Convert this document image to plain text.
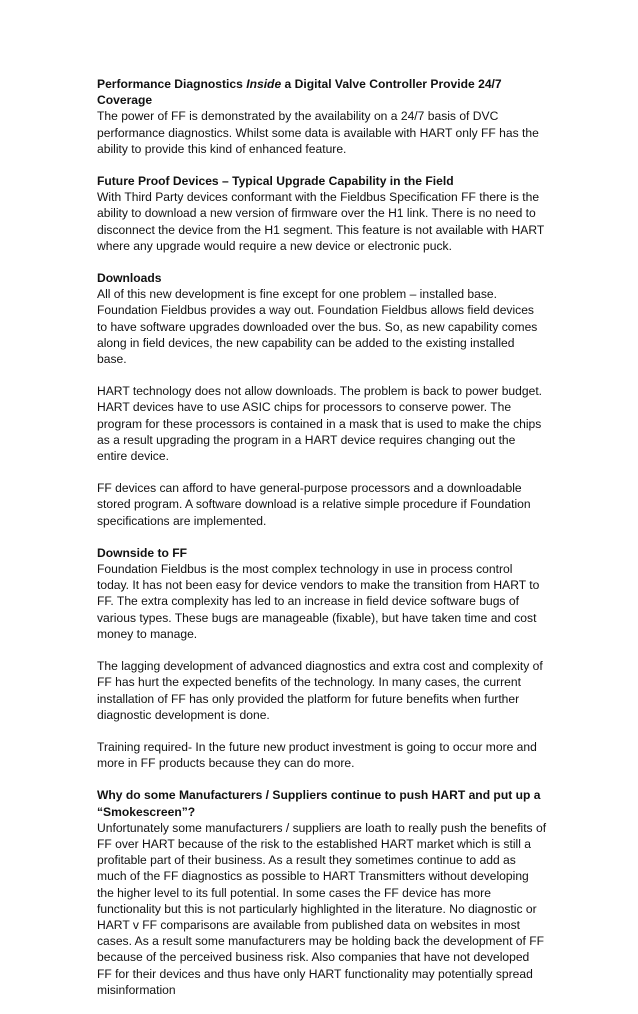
Performance Diagnostics Inside a Digital Valve Controller Provide 24/7 Coverage

The power of FF is demonstrated by the availability on a 24/7 basis of DVC performance diagnostics. Whilst some data is available with HART only FF has the ability to provide this kind of enhanced feature.

Future Proof Devices – Typical Upgrade Capability in the Field

With Third Party devices conformant with the Fieldbus Specification FF there is the ability to download a new version of firmware over the H1 link. There is no need to disconnect the device from the H1 segment. This feature is not available with HART where any upgrade would require a new device or electronic puck.

Downloads

All of this new development is fine except for one problem – installed base. Foundation Fieldbus provides a way out. Foundation Fieldbus allows field devices to have software upgrades downloaded over the bus. So, as new capability comes along in field devices, the new capability can be added to the existing installed base.

HART technology does not allow downloads. The problem is back to power budget. HART devices have to use ASIC chips for processors to conserve power. The program for these processors is contained in a mask that is used to make the chips as a result upgrading the program in a HART device requires changing out the entire device.

FF devices can afford to have general-purpose processors and a downloadable stored program. A software download is a relative simple procedure if Foundation specifications are implemented.

Downside to FF

Foundation Fieldbus is the most complex technology in use in process control today. It has not been easy for device vendors to make the transition from HART to FF. The extra complexity has led to an increase in field device software bugs of various types. These bugs are manageable (fixable), but have taken time and cost money to manage.

The lagging development of advanced diagnostics and extra cost and complexity of FF has hurt the expected benefits of the technology. In many cases, the current installation of FF has only provided the platform for future benefits when further diagnostic development is done.

Training required- In the future new product investment is going to occur more and more in FF products because they can do more.

Why do some Manufacturers / Suppliers continue to push HART and put up a “Smokescreen”?

Unfortunately some manufacturers / suppliers are loath to really push the benefits of FF over HART because of the risk to the established HART market which is still a profitable part of their business. As a result they sometimes continue to add as much of the FF diagnostics as possible to HART Transmitters without developing the higher level to its full potential. In some cases the FF device has more functionality but this is not particularly highlighted in the literature. No diagnostic or HART v FF comparisons are available from published data on websites in most cases. As a result some manufacturers may be holding back the development of FF because of the perceived business risk. Also companies that have not developed FF for their devices and thus have only HART functionality may potentially spread misinformation
